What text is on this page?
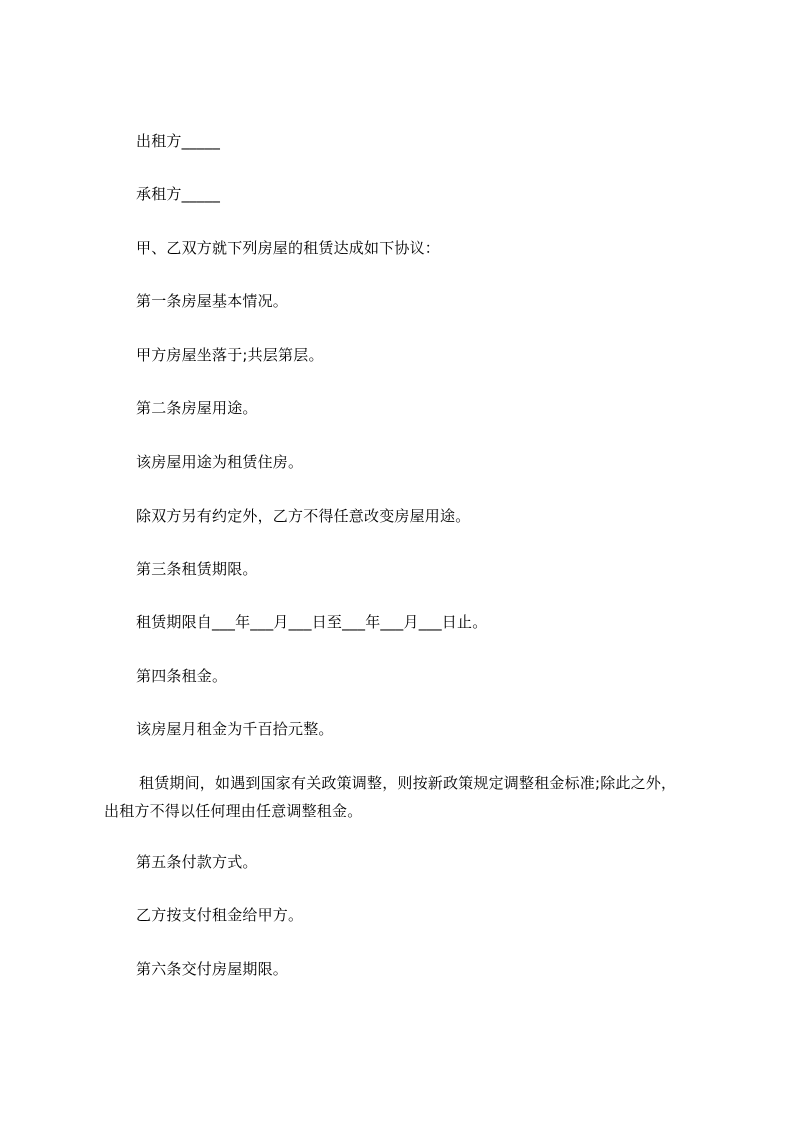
出租方_____
承租方_____
甲、乙双方就下列房屋的租赁达成如下协议：
第一条房屋基本情况。
甲方房屋坐落于;共层第层。
第二条房屋用途。
该房屋用途为租赁住房。
除双方另有约定外，乙方不得任意改变房屋用途。
第三条租赁期限。
租赁期限自___年___月___日至___年___月___日止。
第四条租金。
该房屋月租金为千百拾元整。
租赁期间，如遇到国家有关政策调整，则按新政策规定调整租金标准;除此之外，
出租方不得以任何理由任意调整租金。
第五条付款方式。
乙方按支付租金给甲方。
第六条交付房屋期限。
